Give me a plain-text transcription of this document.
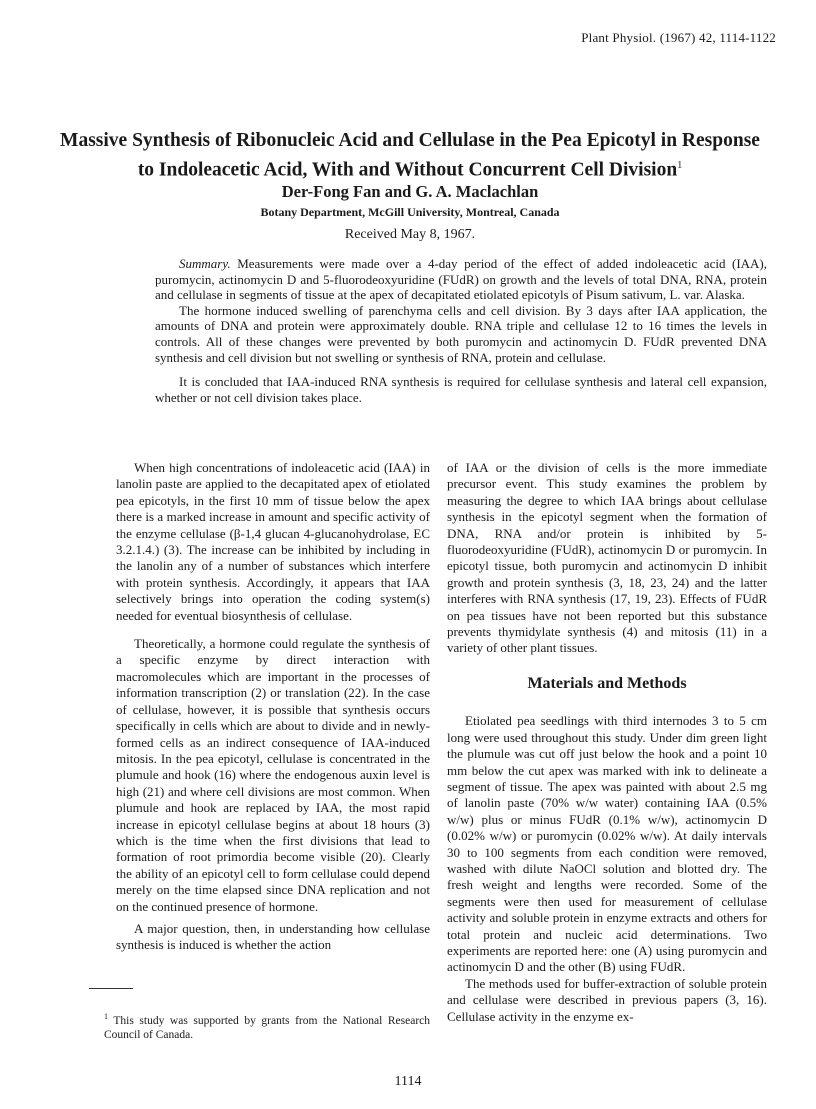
Plant Physiol. (1967) 42, 1114-1122
Massive Synthesis of Ribonucleic Acid and Cellulase in the Pea Epicotyl in Response to Indoleacetic Acid, With and Without Concurrent Cell Division$^1$
Der-Fong Fan and G. A. Maclachlan
Botany Department, McGill University, Montreal, Canada
Received May 8, 1967.

Summary. Measurements were made over a 4-day period of the effect of added indoleacetic acid (IAA), puromycin, actinomycin D and 5-fluorodeoxyuridine (FUdR) on growth and the levels of total DNA, RNA, protein and cellulase in segments of tissue at the apex of decapitated etiolated epicotyls of Pisum sativum, L. var. Alaska.

The hormone induced swelling of parenchyma cells and cell division. By 3 days after IAA application, the amounts of DNA and protein were approximately double. RNA triple and cellulase 12 to 16 times the levels in controls. All of these changes were prevented by both puromycin and actinomycin D. FUdR prevented DNA synthesis and cell division but not swelling or synthesis of RNA, protein and cellulase.

It is concluded that IAA-induced RNA synthesis is required for cellulase synthesis and lateral cell expansion, whether or not cell division takes place.

When high concentrations of indoleacetic acid (IAA) in lanolin paste are applied to the decapitated apex of etiolated pea epicotyls, in the first 10 mm of tissue below the apex there is a marked increase in amount and specific activity of the enzyme cellulase (β-1,4 glucan 4-glucanohydrolase, EC 3.2.1.4.) (3). The increase can be inhibited by including in the lanolin any of a number of substances which interfere with protein synthesis. Accordingly, it appears that IAA selectively brings into operation the coding system(s) needed for eventual biosynthesis of cellulase.

Theoretically, a hormone could regulate the synthesis of a specific enzyme by direct interaction with macromolecules which are important in the processes of information transcription (2) or translation (22). In the case of cellulase, however, it is possible that synthesis occurs specifically in cells which are about to divide and in newly-formed cells as an indirect consequence of IAA-induced mitosis. In the pea epicotyl, cellulase is concentrated in the plumule and hook (16) where the endogenous auxin level is high (21) and where cell divisions are most common. When plumule and hook are replaced by IAA, the most rapid increase in epicotyl cellulase begins at about 18 hours (3) which is the time when the first divisions that lead to formation of root primordia become visible (20). Clearly the ability of an epicotyl cell to form cellulase could depend merely on the time elapsed since DNA replication and not on the continued presence of hormone.

A major question, then, in understanding how cellulase synthesis is induced is whether the action

of IAA or the division of cells is the more immediate precursor event. This study examines the problem by measuring the degree to which IAA brings about cellulase synthesis in the epicotyl segment when the formation of DNA, RNA and/or protein is inhibited by 5-fluorodeoxyuridine (FUdR), actinomycin D or puromycin. In epicotyl tissue, both puromycin and actinomycin D inhibit growth and protein synthesis (3, 18, 23, 24) and the latter interferes with RNA synthesis (17, 19, 23). Effects of FUdR on pea tissues have not been reported but this substance prevents thymidylate synthesis (4) and mitosis (11) in a variety of other plant tissues.

Materials and Methods

Etiolated pea seedlings with third internodes 3 to 5 cm long were used throughout this study. Under dim green light the plumule was cut off just below the hook and a point 10 mm below the cut apex was marked with ink to delineate a segment of tissue. The apex was painted with about 2.5 mg of lanolin paste (70% w/w water) containing IAA (0.5% w/w) plus or minus FUdR (0.1% w/w), actinomycin D (0.02% w/w) or puromycin (0.02% w/w). At daily intervals 30 to 100 segments from each condition were removed, washed with dilute NaOCl solution and blotted dry. The fresh weight and lengths were recorded. Some of the segments were then used for measurement of cellulase activity and soluble protein in enzyme extracts and others for total protein and nucleic acid determinations. Two experiments are reported here: one (A) using puromycin and actinomycin D and the other (B) using FUdR.

The methods used for buffer-extraction of soluble protein and cellulase were described in previous papers (3, 16). Cellulase activity in the enzyme ex-

$^1$ This study was supported by grants from the National Research Council of Canada.
1114
